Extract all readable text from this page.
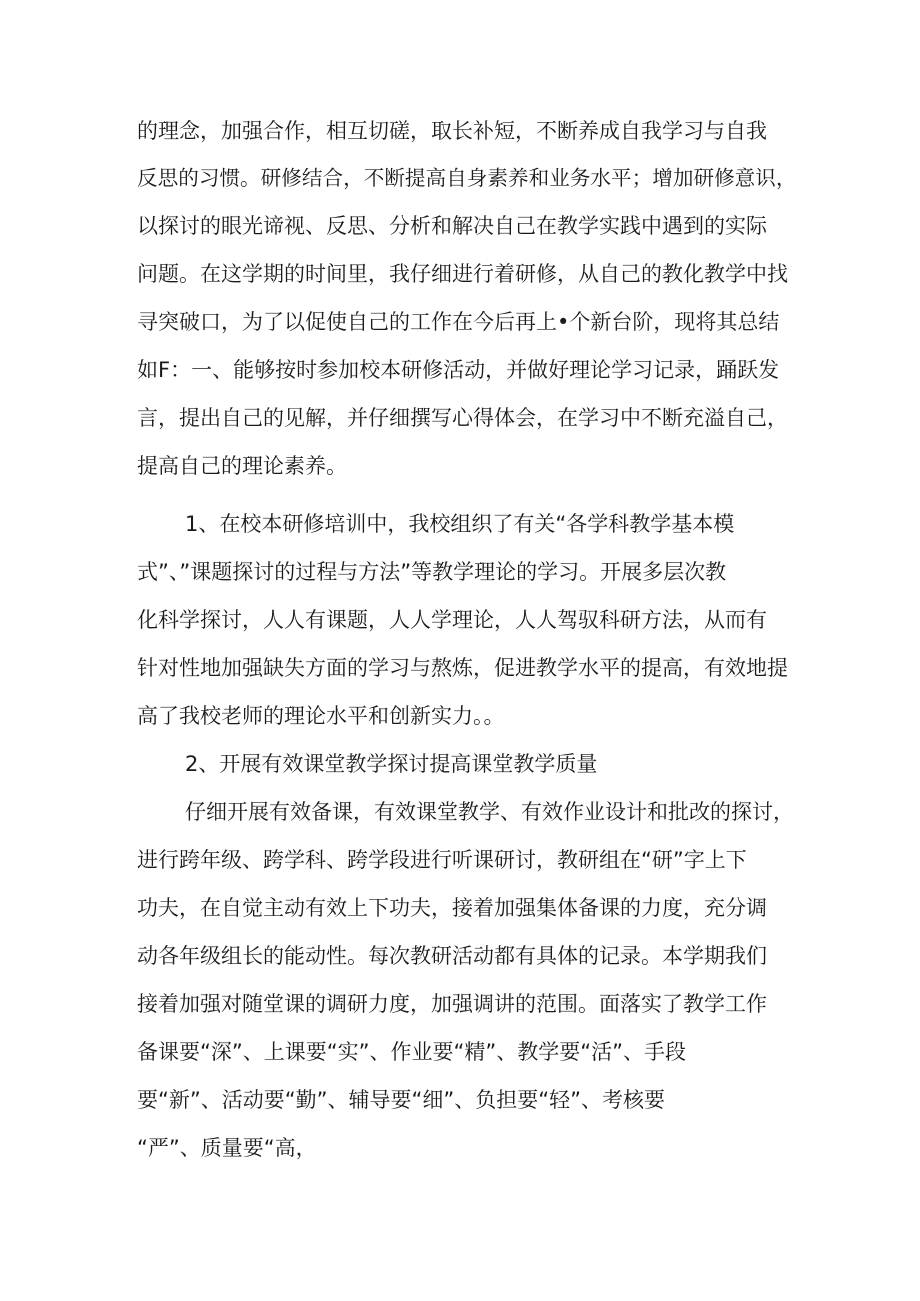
的理念，加强合作，相互切磋，取长补短，不断养成自我学习与自我
反思的习惯。研修结合，不断提高自身素养和业务水平；增加研修意识，
以探讨的眼光谛视、反思、分析和解决自己在教学实践中遇到的实际
问题。在这学期的时间里，我仔细进行着研修，从自己的教化教学中找
寻突破口，为了以促使自己的工作在今后再上•个新台阶，现将其总结
如F：一、能够按时参加校本研修活动，并做好理论学习记录，踊跃发
言，提出自己的见解，并仔细撰写心得体会，在学习中不断充溢自己，
提高自己的理论素养。
1、在校本研修培训中，我校组织了有关“各学科教学基本模
式”、”课题探讨的过程与方法”等教学理论的学习。开展多层次教
化科学探讨，人人有课题，人人学理论，人人驾驭科研方法，从而有
针对性地加强缺失方面的学习与熬炼，促进教学水平的提高，有效地提
高了我校老师的理论水平和创新实力。。
2、开展有效课堂教学探讨提高课堂教学质量
仔细开展有效备课，有效课堂教学、有效作业设计和批改的探讨，
进行跨年级、跨学科、跨学段进行听课研讨，教研组在“研”字上下
功夫，在自觉主动有效上下功夫，接着加强集体备课的力度，充分调
动各年级组长的能动性。每次教研活动都有具体的记录。本学期我们
接着加强对随堂课的调研力度，加强调讲的范围。面落实了教学工作
备课要“深”、上课要“实”、作业要“精”、教学要“活”、手段
要“新”、活动要“勤”、辅导要“细”、负担要“轻”、考核要
“严”、质量要“高，
